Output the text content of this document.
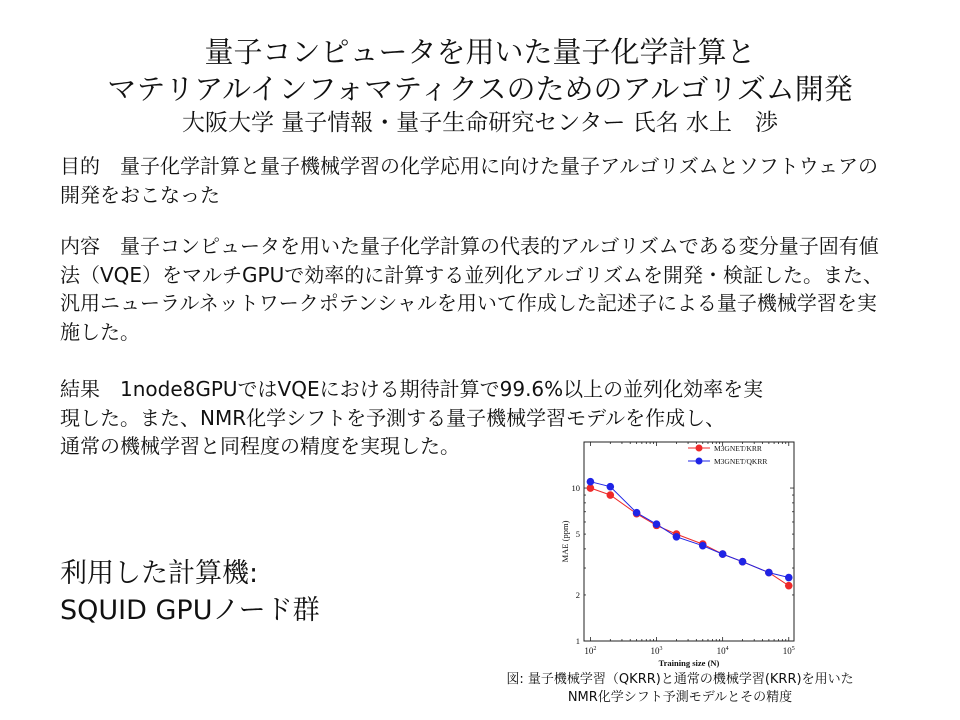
量子コンピュータを用いた量子化学計算と
マテリアルインフォマティクスのためのアルゴリズム開発
大阪大学 量子情報・量子生命研究センター 氏名 水上　渉
目的　量子化学計算と量子機械学習の化学応用に向けた量子アルゴリズムとソフトウェアの開発をおこなった
内容　量子コンピュータを用いた量子化学計算の代表的アルゴリズムである変分量子固有値法（VQE）をマルチGPUで効率的に計算する並列化アルゴリズムを開発・検証した。また、汎用ニューラルネットワークポテンシャルを用いて作成した記述子による量子機械学習を実施した。
結果　1node8GPUではVQEにおける期待計算で99.6%以上の並列化効率を実
現した。また、NMR化学シフトを予測する量子機械学習モデルを作成し、

通常の機械学習と同程度の精度を実現した。
利用した計算機:
SQUID GPUノード群
$10^2$	$10^3$	$10^4$	$10^5$
1
2
5
10
Training size (N)
MAE (ppm)
M3GNET/KRR
M3GNET/QKRR
図: 量子機械学習（QKRR)と通常の機械学習(KRR)を用いた
NMR化学シフト予測モデルとその精度
